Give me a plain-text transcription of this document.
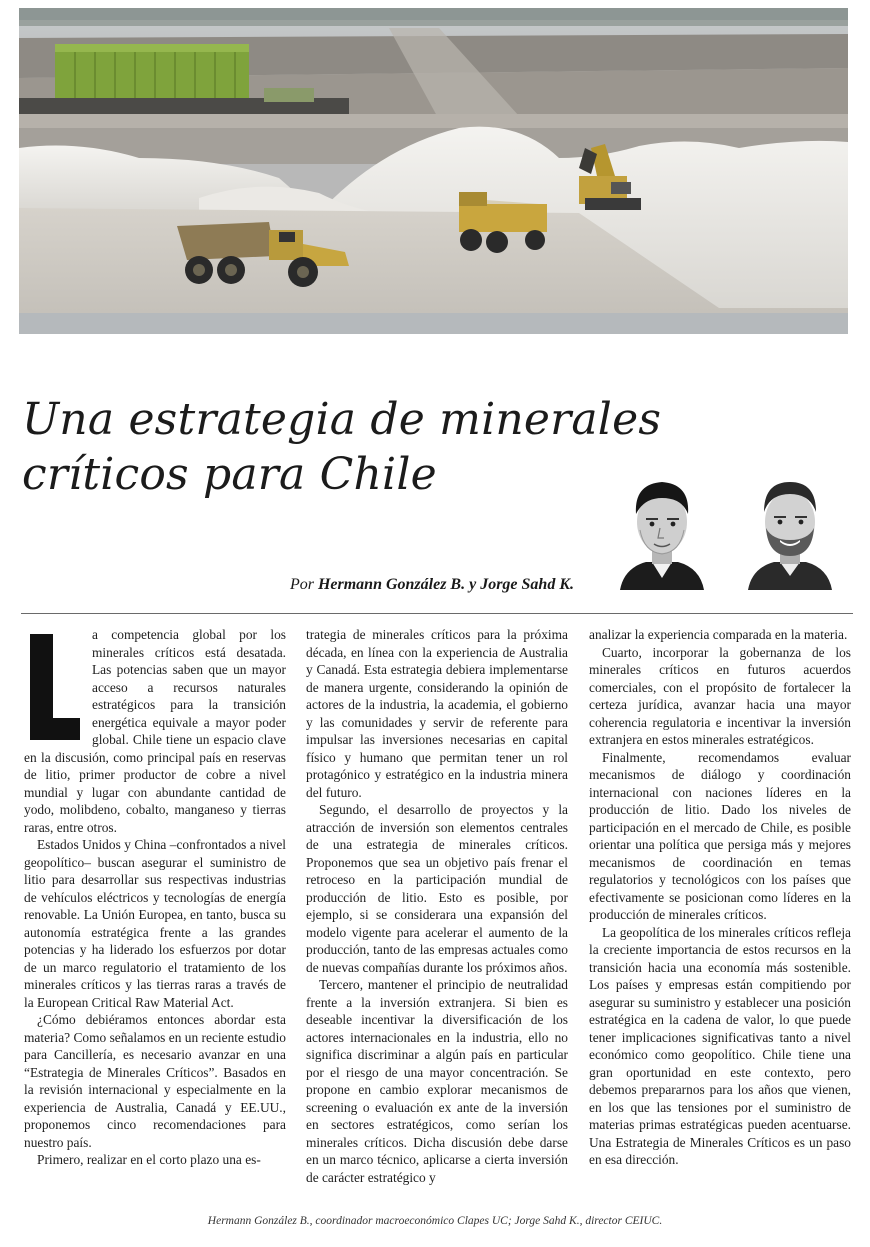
Una estrategia de minerales
críticos para Chile
Por Hermann González B. y Jorge Sahd K.

a competencia global por los minerales críticos está desatada. Las potencias saben que un mayor acceso a recursos naturales estratégicos para la transición energética equivale a mayor poder global. Chile tiene un espacio clave en la discusión, como principal país en reservas de litio, primer productor de cobre a nivel mundial y lugar con abundante cantidad de yodo, molibdeno, cobalto, manganeso y tierras raras, entre otros.

Estados Unidos y China –confrontados a nivel geopolítico– buscan asegurar el suministro de litio para desarrollar sus respectivas industrias de vehículos eléctricos y tecnologías de energía renovable. La Unión Europea, en tanto, busca su autonomía estratégica frente a las grandes potencias y ha liderado los esfuerzos por dotar de un marco regulatorio el tratamiento de los minerales críticos y las tierras raras a través de la European Critical Raw Material Act.

¿Cómo debiéramos entonces abordar esta materia? Como señalamos en un reciente estudio para Cancillería, es necesario avanzar en una “Estrategia de Minerales Críticos”. Basados en la revisión internacional y especialmente en la experiencia de Australia, Canadá y EE.UU., proponemos cinco recomendaciones para nuestro país.

Primero, realizar en el corto plazo una es-

trategia de minerales críticos para la próxima década, en línea con la experiencia de Australia y Canadá. Esta estrategia debiera implementarse de manera urgente, considerando la opinión de actores de la industria, la academia, el gobierno y las comunidades y servir de referente para impulsar las inversiones necesarias en capital físico y humano que permitan tener un rol protagónico y estratégico en la industria minera del futuro.

Segundo, el desarrollo de proyectos y la atracción de inversión son elementos centrales de una estrategia de minerales críticos. Proponemos que sea un objetivo país frenar el retroceso en la participación mundial de producción de litio. Esto es posible, por ejemplo, si se considerara una expansión del modelo vigente para acelerar el aumento de la producción, tanto de las empresas actuales como de nuevas compañías durante los próximos años.

Tercero, mantener el principio de neutralidad frente a la inversión extranjera. Si bien es deseable incentivar la diversificación de los actores internacionales en la industria, ello no significa discriminar a algún país en particular por el riesgo de una mayor concentración. Se propone en cambio explorar mecanismos de screening o evaluación ex ante de la inversión en sectores estratégicos, como serían los minerales críticos. Dicha discusión debe darse en un marco técnico, aplicarse a cierta inversión de carácter estratégico y

analizar la experiencia comparada en la materia.

Cuarto, incorporar la gobernanza de los minerales críticos en futuros acuerdos comerciales, con el propósito de fortalecer la certeza jurídica, avanzar hacia una mayor coherencia regulatoria e incentivar la inversión extranjera en estos minerales estratégicos.

Finalmente, recomendamos evaluar mecanismos de diálogo y coordinación internacional con naciones líderes en la producción de litio. Dado los niveles de participación en el mercado de Chile, es posible orientar una política que persiga más y mejores mecanismos de coordinación en temas regulatorios y tecnológicos con los países que efectivamente se posicionan como líderes en la producción de minerales críticos.

La geopolítica de los minerales críticos refleja la creciente importancia de estos recursos en la transición hacia una economía más sostenible. Los países y empresas están compitiendo por asegurar su suministro y establecer una posición estratégica en la cadena de valor, lo que puede tener implicaciones significativas tanto a nivel económico como geopolítico. Chile tiene una gran oportunidad en este contexto, pero debemos prepararnos para los años que vienen, en los que las tensiones por el suministro de materias primas estratégicas pueden acentuarse. Una Estrategia de Minerales Críticos es un paso en esa dirección.

Hermann González B., coordinador macroeconómico Clapes UC; Jorge Sahd K., director CEIUC.
